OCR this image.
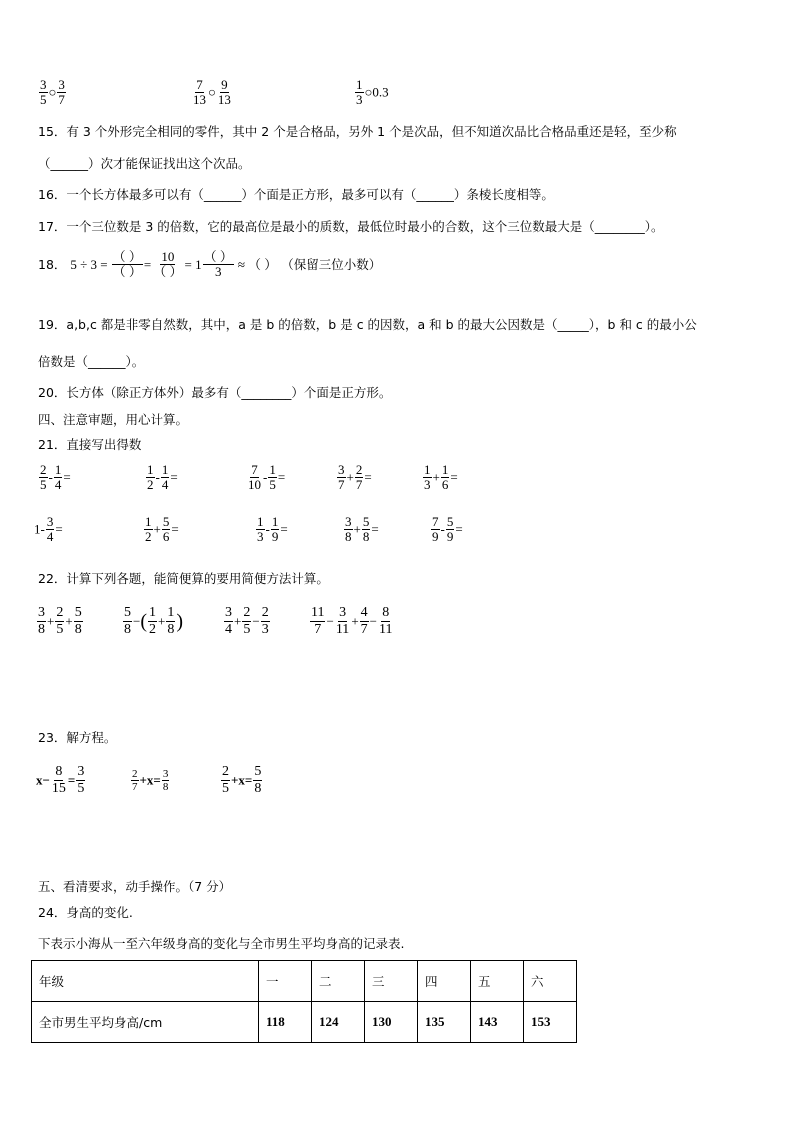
$\frac{3}{5}$ ○ $\frac{3}{7}$	$\frac{7}{13}$ ○ $\frac{9}{13}$	$\frac{1}{3}$ ○0.3
15．有 3 个外形完全相同的零件，其中 2 个是合格品，另外 1 个是次品，但不知道次品比合格品重还是轻，至少称
（______）次才能保证找出这个次品。
16．一个长方体最多可以有（______）个面是正方形，最多可以有（______）条棱长度相等。
17．一个三位数是 3 的倍数，它的最高位是最小的质数，最低位时最小的合数，这个三位数最大是（________）。
18． $5 \div 3 = \frac{( )}{( )} = \frac{10}{( )} = 1 \frac{( )}{3}$ ≈ （ ） （保留三位小数）
19．a,b,c 都是非零自然数，其中，a 是 b 的倍数，b 是 c 的因数，a 和 b 的最大公因数是（_____），b 和 c 的最小公
倍数是（______）。
20．长方体（除正方体外）最多有（________）个面是正方形。
四、注意审题，用心计算。
21．直接写出得数
$\frac{2}{5} - \frac{1}{4}$ =	$\frac{1}{2} - \frac{1}{4}$ =	$\frac{7}{10} - \frac{1}{5}$ =	$\frac{3}{7} + \frac{2}{7}$ =	$\frac{1}{3} + \frac{1}{6}$ =
$1- \frac{3}{4}$ =	$\frac{1}{2} + \frac{5}{6}$ =	$\frac{1}{3} - \frac{1}{9}$ =	$\frac{3}{8} + \frac{5}{8}$ =	$\frac{7}{9} - \frac{5}{9}$ =
22．计算下列各题，能简便算的要用简便方法计算。
$\frac{3}{8} + \frac{2}{5} + \frac{5}{8}$	$\frac{5}{8}$ −( $\frac{1}{2} + \frac{1}{8}$ )	$\frac{3}{4} + \frac{2}{5} - \frac{2}{3}$	$\frac{11}{7} - \frac{3}{11} + \frac{4}{7} - \frac{8}{11}$
23．解方程。
$x- \frac{8}{15} = \frac{3}{5}$	$\frac{2}{7} +x= \frac{3}{8}$	$\frac{2}{5} +x= \frac{5}{8}$
五、看清要求，动手操作。（7 分）
24．身高的变化.
下表示小海从一至六年级身高的变化与全市男生平均身高的记录表.
年级	一	二	三	四	五	六
全市男生平均身高/cm	118	124	130	135	143	153
